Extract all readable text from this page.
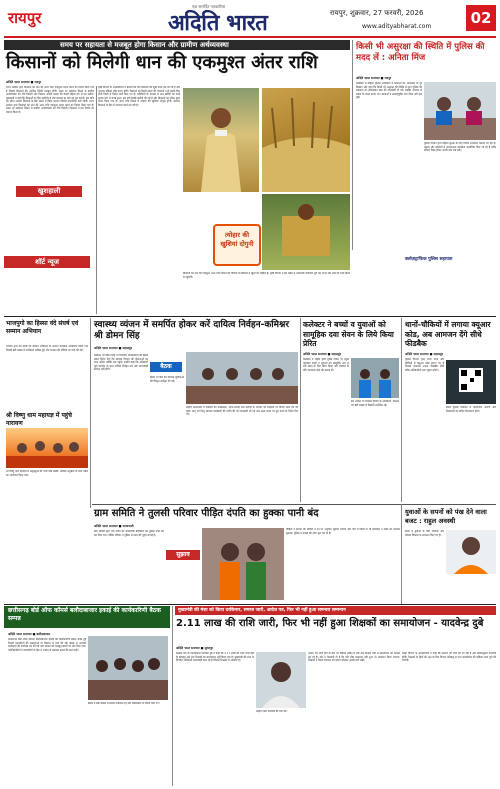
रायपुर
एक समर्पित पत्रकारिता
अदिति भारत	रायपुर, शुक्रवार, 27 फरवरी, 2026
www.adityabharat.com	02
समय पर सहायता से मजबूत होगा किसान और ग्रामीण अर्थव्यवस्था
किसानों को मिलेगी धान की एकमुश्त अंतर राशि
अदिति भारत समाचार ■ रायपुर
राज्य सरकार द्वारा किसानों को धान की अंतर राशि एकमुश्त प्रदान करने का निर्णय लिया गया है जिससे किसानों की आर्थिक स्थिति मजबूत होगी। समय पर सहायता मिलने से ग्रामीण अर्थव्यवस्था को गति मिलेगी और किसान अगली फसल की तैयारी बेहतर ढंग से कर सकेंगे। मुख्यमंत्री ने कहा कि किसानों का हित सर्वोपरि है और सरकार हर वादे को पूरा करेगी। इस राशि का सीधा अंतरण किसानों के बैंक खातों में किया जाएगा जिससे पारदर्शिता बनी रहेगी। राज्य सरकार द्वारा किसानों को धान की अंतर राशि एकमुश्त प्रदान करने का निर्णय लिया गया है। समय पर सहायता मिलने से ग्रामीण अर्थव्यवस्था को गति मिलेगी। किसानों ने इस निर्णय का स्वागत किया है।
खुशहाली
कृषि विभाग के अधिकारियों ने बताया कि पात्र किसानों की सूची तैयार कर ली गई है और भुगतान प्रक्रिया शीघ्र प्रारंभ होगी। किसानों को किसी प्रकार की परेशानी न हो इसके लिए सभी जिलों में निर्देश जारी किए गए हैं। समितियों के माध्यम से धान खरीदी का कार्य सुचारु रूप से संपन्न हुआ। इस वर्ष रिकॉर्ड खरीदी की गई है और किसानों को उचित मूल्य प्रदान किया गया है। अंतर राशि मिलने से त्योहार की खुशियां दोगुनी होंगी। सरकार किसानों के हित में लगातार कार्य कर रही है।
त्योहार की खुशियां दोगुनी
किसानों को धान की एकमुश्त अंतर राशि मिलने की घोषणा से किसानों में खुशी का माहौल है। कृषि विभाग ने इस संबंध में आवश्यक तैयारियां पूर्ण कर ली हैं और जल्द ही राशि खातों में पहुंचेगी।
किसी भी असुरक्षा की स्थिति में पुलिस की मदद लें : अनिता मिंज
अदिति भारत समाचार ■ रायपुर
कार्यक्रम में महिला पुलिस अधिकारी ने छात्राओं को आत्मरक्षा के गुर सिखाए और कहा कि किसी भी असुरक्षा की स्थिति में तुरंत पुलिस की सहायता लें। हेल्पलाइन नंबर की जानकारी दी गई। साइबर अपराध से बचाव के उपाय बताए गए। छात्राओं ने उत्साहपूर्वक भाग लिया और प्रश्न पूछे।
पुलिस विभाग द्वारा महिला सुरक्षा के लिए विशेष अभियान चलाया जा रहा है। स्कूलों और कॉलेजों में जागरूकता कार्यक्रम आयोजित किए जा रहे हैं ताकि छात्राएं निडर होकर अपनी बात रख सकें।
शॉर्ट न्यूज
भाजपुगो का हिस्सा वंदे संघर्ष एवं सम्मान अभियान
भाजपा द्वारा वंदे संघर्ष एवं सम्मान अभियान के अंतर्गत कार्यक्रम आयोजित किया गया जिसमें बड़ी संख्या में कार्यकर्ता शामिल हुए और संगठन की नीतियों पर चर्चा की गई।
श्री विष्णु धाम महायज्ञ में पहुंचे नारायण
श्री विष्णु धाम महायज्ञ में श्रद्धालुओं की भारी भीड़ उमड़ी। धार्मिक अनुष्ठान के साथ भंडारे का आयोजन किया गया।
स्वास्थ्य व्यंजन में समर्पित होकर करें दायित्व निर्वहन-कमिश्नर श्री डोमन सिंह
अदिति भारत समाचार ■ महासमुंद
बैठक
कमिश्नर श्री डोमन सिंह ने विभागीय अधिकारियों की बैठक लेकर निर्देश दिए कि स्वास्थ्य विभाग की योजनाओं का लाभ अंतिम व्यक्ति तक पहुंचे। उन्होंने कहा कि अधिकारी पूर्ण समर्पण के साथ दायित्व निर्वहन करें और लापरवाही बर्दाश्त नहीं होगी।
बैठक में जिले की स्वास्थ्य सुविधाओं की विस्तृत समीक्षा की गई।
उन्होंने अस्पतालों में दवाइयों की उपलब्धता, साफ-सफाई और मरीजों के उपचार की व्यवस्था पर विशेष ध्यान देने को कहा। मातृ एवं शिशु स्वास्थ्य कार्यक्रमों की प्रगति की भी जानकारी ली गई तथा लक्ष्य समय पर पूरा करने के निर्देश दिए गए।
कलेक्टर ने बच्चों व युवाओं को सामूहिक दवा सेवन के लिये किया प्रेरित
अदिति भारत समाचार ■ महासमुंद
कलेक्टर ने राष्ट्रीय कृमि मुक्ति दिवस पर स्कूल पहुंचकर बच्चों व युवाओं को सामूहिक रूप से दवा सेवन के लिए प्रेरित किया और स्वास्थ्य के प्रति जागरूक रहने की सलाह दी।
इस अवसर पर स्वास्थ्य विभाग के अधिकारी, शिक्षक एवं बड़ी संख्या में विद्यार्थी उपस्थित रहे।
क्लोज़ट्राफिक पुलिस सहायता
थानों-चौकियों में लगाया क्यूआर कोड, अब आमजन देंगे सीधे फीडबैक
अदिति भारत समाचार ■ महासमुंद
पुलिस विभाग द्वारा सभी थानों और चौकियों में क्यूआर कोड लगाए गए हैं जिससे आमजन अपना फीडबैक सीधे वरिष्ठ अधिकारियों तक पहुंचा सकेंगे।
इससे पुलिस व्यवस्था में पारदर्शिता आएगी और शिकायतों का त्वरित निराकरण होगा।
ग्राम समिति ने तुलसी परिवार पीड़ित दंपति का हुक्का पानी बंद
अदिति भारत समाचार ■ सरायपाली
ग्राम समिति द्वारा एक दंपति का सामाजिक बहिष्कार कर हुक्का पानी बंद कर दिया गया। पीड़ित परिवार ने पुलिस से न्याय की गुहार लगाई है।
सुझाव
पीड़ितों ने बताया कि समिति ने उन पर अनुचित जुर्माना लगाया और गांव में किसी से भी मेलजोल न रखने का फरमान सुनाया। पुलिस ने मामले की जांच शुरू कर दी है।
युवाओं के सपनों को पंख देने वाला बजट : राहुल अवस्थी
बजट में युवाओं के लिए रोजगार और कौशल विकास के प्रावधान किए गए हैं।
छत्तीसगढ़ बोर्ड ऑफ कॉमर्स बलौदाबाजार इकाई की कार्यकारिणी बैठक सम्पन्न
अदिति भारत समाचार ■ बलौदाबाजार
छत्तीसगढ़ बोर्ड ऑफ कॉमर्स बलौदाबाजार इकाई की कार्यकारिणी बैठक संपन्न हुई जिसमें व्यापारियों की समस्याओं पर विस्तार से चर्चा की गई। बैठक में आगामी कार्यक्रमों की रूपरेखा तय की गई और संगठन को मजबूत बनाने पर जोर दिया गया। पदाधिकारियों ने व्यापारियों के हित में शासन से समन्वय बनाने की बात कही।
बैठक में बड़ी संख्या में सदस्य उपस्थित रहे और सर्वसम्मति से निर्णय लिए गए।
मुख्यमंत्री की मंशा को किया दरकिनार, समाज जारी, आदेश पत्र, फिर भी नहीं हुआ समन्वय सम्मन्यन
2.11 लाख की राशि जारी, फिर भी नहीं हुआ शिक्षकों का समायोजन - यादवेन्द्र दुबे
अदिति भारत समाचार ■ सूरजपुर
शिक्षक संघ के पदाधिकारी यादवेन्द्र दुबे ने कहा कि 2.11 लाख की राशि जारी होने के बावजूद अब तक शिक्षकों का समायोजन नहीं किया गया है। मुख्यमंत्री की मंशा के विपरीत अधिकारी लापरवाही बरत रहे हैं जिससे शिक्षकों में आक्रोश है।
उन्होंने जल्द कार्रवाई की मांग की।
आदेश पत्र जारी होने के बाद भी प्रक्रिया लंबित है और कई शिक्षक वर्षों से समायोजन की प्रतीक्षा कर रहे हैं। संघ ने चेतावनी दी है कि यदि शीघ्र समाधान नहीं हुआ तो आंदोलन किया जाएगा। शिक्षकों ने जिला प्रशासन को ज्ञापन सौंपकर अपनी मांगें रखीं।
शिक्षा विभाग के अधिकारियों ने कहा कि प्रकरण की जांच की जा रही है और नियमानुसार कार्रवाई होगी। शिक्षकों के हितों की रक्षा के लिए विभाग प्रतिबद्ध है तथा समायोजन की प्रक्रिया जल्द पूरी की जाएगी।
